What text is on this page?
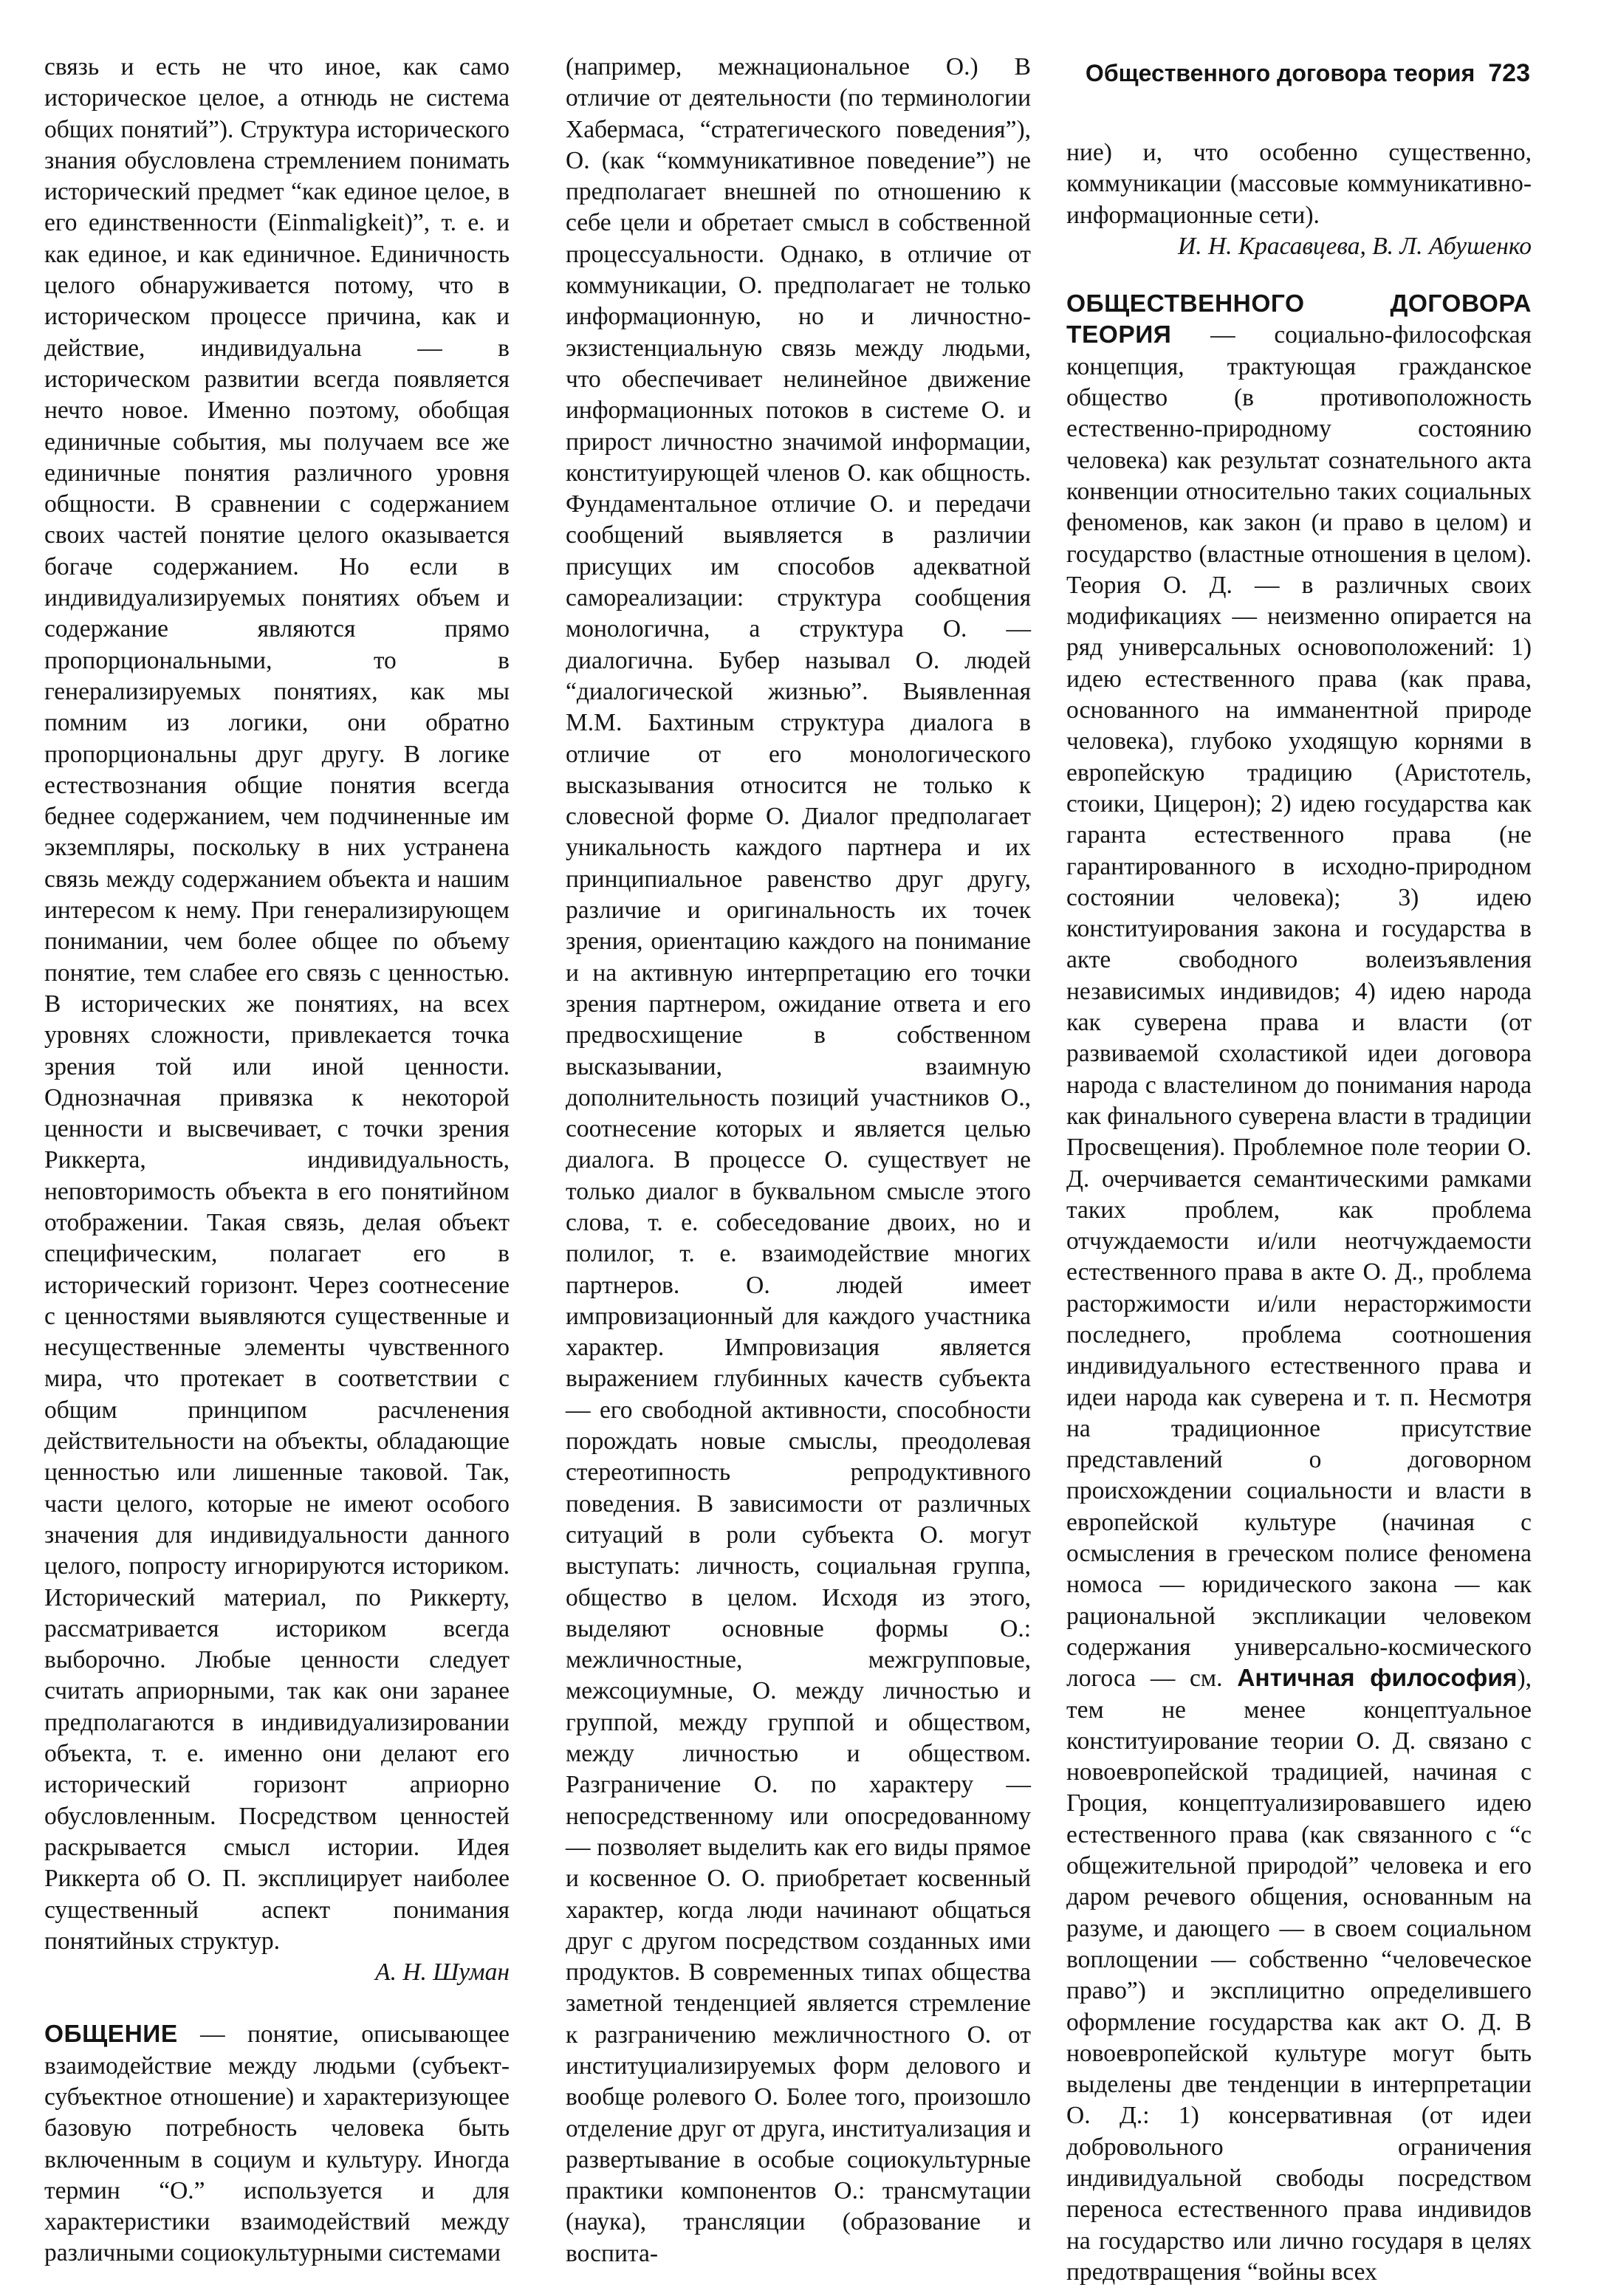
Общественного договора теория 723

связь и есть не что иное, как само историческое целое, а отнюдь не система общих понятий”). Структура исторического знания обусловлена стремлением понимать исторический предмет “как единое целое, в его единственности (Einmaligkeit)”, т. е. и как единое, и как единичное. Единичность целого обнаруживается потому, что в историческом процессе причина, как и действие, индивидуальна — в историческом развитии всегда появляется нечто новое. Именно поэтому, обобщая единичные события, мы получаем все же единичные понятия различного уровня общности. В сравнении с содержанием своих частей понятие целого оказывается богаче содержанием. Но если в индивидуализируемых понятиях объем и содержание являются прямо пропорциональными, то в генерализируемых понятиях, как мы помним из логики, они обратно пропорциональны друг другу. В логике естествознания общие понятия всегда беднее содержанием, чем подчиненные им экземпляры, поскольку в них устранена связь между содержанием объекта и нашим интересом к нему. При генерализирующем понимании, чем более общее по объему понятие, тем слабее его связь с ценностью. В исторических же понятиях, на всех уровнях сложности, привлекается точка зрения той или иной ценности. Однозначная привязка к некоторой ценности и высвечивает, с точки зрения Риккерта, индивидуальность, неповторимость объекта в его понятийном отображении. Такая связь, делая объект специфическим, полагает его в исторический горизонт. Через соотнесение с ценностями выявляются существенные и несущественные элементы чувственного мира, что протекает в соответствии с общим принципом расчленения действительности на объекты, обладающие ценностью или лишенные таковой. Так, части целого, которые не имеют особого значения для индивидуальности данного целого, попросту игнорируются историком. Исторический материал, по Риккерту, рассматривается историком всегда выборочно. Любые ценности следует считать априорными, так как они заранее предполагаются в индивидуализировании объекта, т. е. именно они делают его исторический горизонт априорно обусловленным. Посредством ценностей раскрывается смысл истории. Идея Риккерта об О. П. эксплицирует наиболее существенный аспект понимания понятийных структур.

А. Н. Шуман

ОБЩЕНИЕ — понятие, описывающее взаимодействие между людьми (субъект-субъектное отношение) и характеризующее базовую потребность человека быть включенным в социум и культуру. Иногда термин “О.” используется и для характеристики взаимодействий между различными социокультурными системами

(например, межнациональное О.) В отличие от деятельности (по терминологии Хабермаса, “стратегического поведения”), О. (как “коммуникативное поведение”) не предполагает внешней по отношению к себе цели и обретает смысл в собственной процессуальности. Однако, в отличие от коммуникации, О. предполагает не только информационную, но и личностно-экзистенциальную связь между людьми, что обеспечивает нелинейное движение информационных потоков в системе О. и прирост личностно значимой информации, конституирующей членов О. как общность. Фундаментальное отличие О. и передачи сообщений выявляется в различии присущих им способов адекватной самореализации: структура сообщения монологична, а структура О. — диалогична. Бубер называл О. людей “диалогической жизнью”. Выявленная М.М. Бахтиным структура диалога в отличие от его монологического высказывания относится не только к словесной форме О. Диалог предполагает уникальность каждого партнера и их принципиальное равенство друг другу, различие и оригинальность их точек зрения, ориентацию каждого на понимание и на активную интерпретацию его точки зрения партнером, ожидание ответа и его предвосхищение в собственном высказывании, взаимную дополнительность позиций участников О., соотнесение которых и является целью диалога. В процессе О. существует не только диалог в буквальном смысле этого слова, т. е. собеседование двоих, но и полилог, т. е. взаимодействие многих партнеров. О. людей имеет импровизационный для каждого участника характер. Импровизация является выражением глубинных качеств субъекта — его свободной активности, способности порождать новые смыслы, преодолевая стереотипность репродуктивного поведения. В зависимости от различных ситуаций в роли субъекта О. могут выступать: личность, социальная группа, общество в целом. Исходя из этого, выделяют основные формы О.: межличностные, межгрупповые, межсоциумные, О. между личностью и группой, между группой и обществом, между личностью и обществом. Разграничение О. по характеру — непосредственному или опосредованному — позволяет выделить как его виды прямое и косвенное О. О. приобретает косвенный характер, когда люди начинают общаться друг с другом посредством созданных ими продуктов. В современных типах общества заметной тенденцией является стремление к разграничению межличностного О. от институциализируемых форм делового и вообще ролевого О. Более того, произошло отделение друг от друга, институализация и развертывание в особые социокультурные практики компонентов О.: трансмутации (наука), трансляции (образование и воспита-

ние) и, что особенно существенно, коммуникации (массовые коммуникативно-информационные сети).

И. Н. Красавцева, В. Л. Абушенко

ОБЩЕСТВЕННОГО ДОГОВОРА ТЕОРИЯ — социально-философская концепция, трактующая гражданское общество (в противоположность естественно-природному состоянию человека) как результат сознательного акта конвенции относительно таких социальных феноменов, как закон (и право в целом) и государство (властные отношения в целом). Теория О. Д. — в различных своих модификациях — неизменно опирается на ряд универсальных основоположений: 1) идею естественного права (как права, основанного на имманентной природе человека), глубоко уходящую корнями в европейскую традицию (Аристотель, стоики, Цицерон); 2) идею государства как гаранта естественного права (не гарантированного в исходно-природном состоянии человека); 3) идею конституирования закона и государства в акте свободного волеизъявления независимых индивидов; 4) идею народа как суверена права и власти (от развиваемой схоластикой идеи договора народа с властелином до понимания народа как финального суверена власти в традиции Просвещения). Проблемное поле теории О. Д. очерчивается семантическими рамками таких проблем, как проблема отчуждаемости и/или неотчуждаемости естественного права в акте О. Д., проблема расторжимости и/или нерасторжимости последнего, проблема соотношения индивидуального естественного права и идеи народа как суверена и т. п. Несмотря на традиционное присутствие представлений о договорном происхождении социальности и власти в европейской культуре (начиная с осмысления в греческом полисе феномена номоса — юридического закона — как рациональной экспликации человеком содержания универсально-космического логоса — см. Античная философия), тем не менее концептуальное конституирование теории О. Д. связано с новоевропейской традицией, начиная с Гроция, концептуализировавшего идею естественного права (как связанного с “с общежительной природой” человека и его даром речевого общения, основанным на разуме, и дающего — в своем социальном воплощении — собственно “человеческое право”) и эксплицитно определившего оформление государства как акт О. Д. В новоевропейской культуре могут быть выделены две тенденции в интерпретации О. Д.: 1) консервативная (от идеи добровольного ограничения индивидуальной свободы посредством переноса естественного права индивидов на государство или лично государя в целях предотвращения “войны всех
